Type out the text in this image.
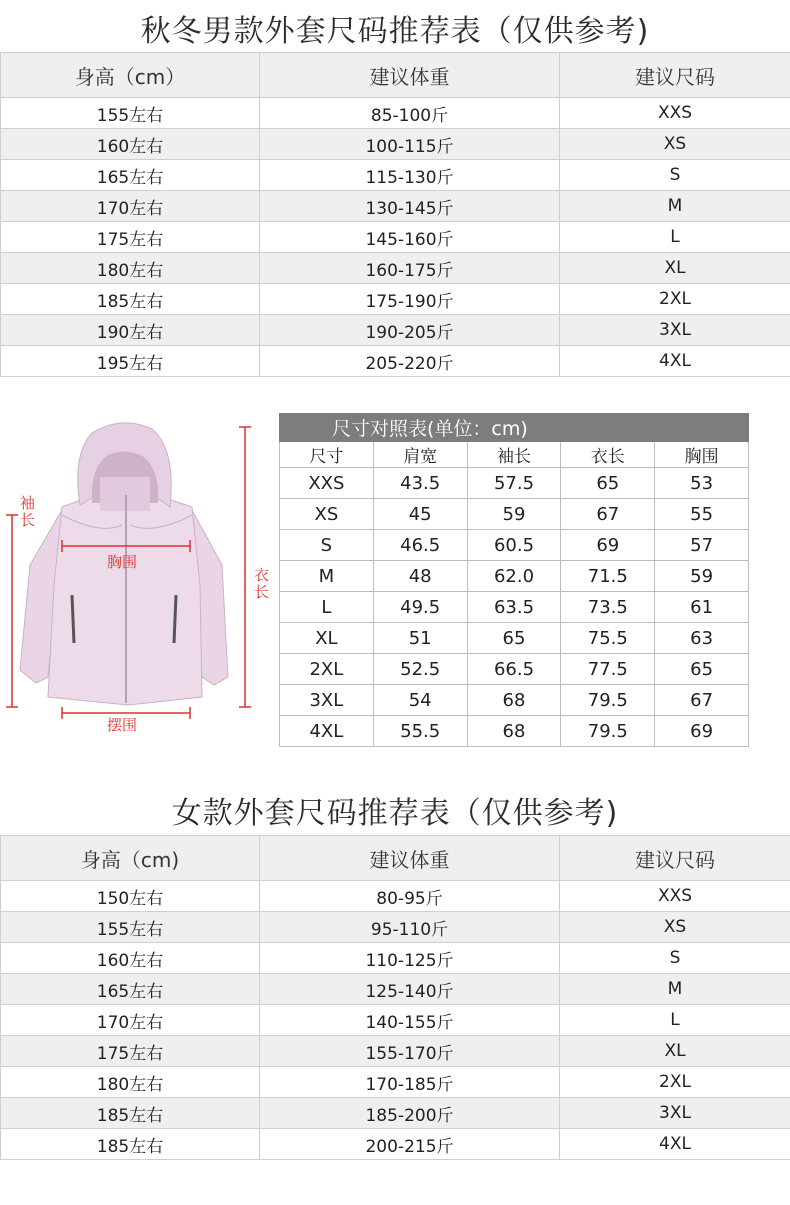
秋冬男款外套尺码推荐表（仅供参考)
身高（cm）	建议体重	建议尺码
155左右	85-100斤	XXS
160左右	100-115斤	XS
165左右	115-130斤	S
170左右	130-145斤	M
175左右	145-160斤	L
180左右	160-175斤	XL
185左右	175-190斤	2XL
190左右	190-205斤	3XL
195左右	205-220斤	4XL
袖长
胸围
衣长
摆围
尺寸对照表(单位：cm)				
尺寸	肩宽	袖长	衣长	胸围
XXS	43.5	57.5	65	53
XS	45	59	67	55
S	46.5	60.5	69	57
M	48	62.0	71.5	59
L	49.5	63.5	73.5	61
XL	51	65	75.5	63
2XL	52.5	66.5	77.5	65
3XL	54	68	79.5	67
4XL	55.5	68	79.5	69
女款外套尺码推荐表（仅供参考)
身高（cm)	建议体重	建议尺码
150左右	80-95斤	XXS
155左右	95-110斤	XS
160左右	110-125斤	S
165左右	125-140斤	M
170左右	140-155斤	L
175左右	155-170斤	XL
180左右	170-185斤	2XL
185左右	185-200斤	3XL
185左右	200-215斤	4XL
